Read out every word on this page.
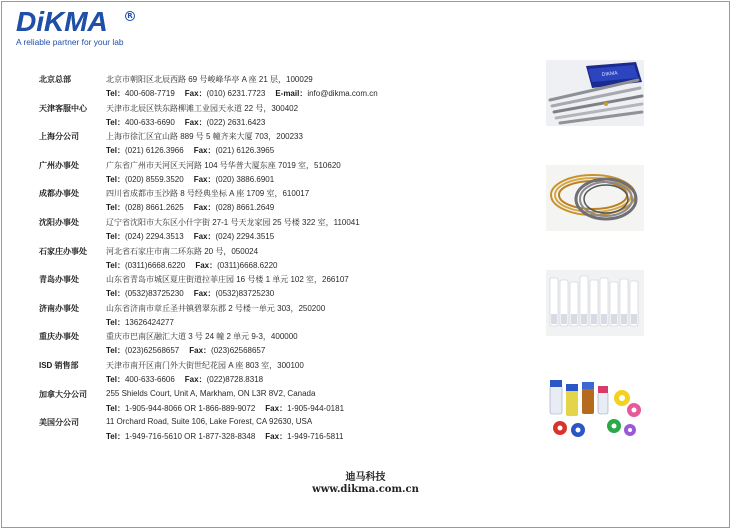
DiKMA	R
A reliable partner for your lab
北京总部	北京市朝阳区北辰西路 69 号峻峰华亭 A 座 21 层，100029
Tel：400-608-7719 Fax：(010) 6231.7723 E-mail：info@dikma.com.cn
天津客服中心 天津市北辰区铁东路柳滩工业园天永道 22 号，300402
Tel：400-633-6690 Fax：(022) 2631.6423
上海分公司	上海市徐汇区宜山路 889 号 5 幢齐来大厦 703，200233
Tel：(021) 6126.3966 Fax：(021) 6126.3965
广州办事处	广东省广州市天河区天河路 104 号华普大厦东座 7019 室，510620
Tel：(020) 8559.3520 Fax：(020) 3886.6901
成都办事处	四川省成都市玉沙路 8 号经典坐标 A 座 1709 室，610017
Tel：(028) 8661.2625 Fax：(028) 8661.2649
沈阳办事处	辽宁省沈阳市大东区小什字街 27-1 号天龙家园 25 号楼 322 室，110041
Tel：(024) 2294.3513 Fax：(024) 2294.3515
石家庄办事处 河北省石家庄市南二环东路 20 号，050024
Tel：(0311)6668.6220 Fax：(0311)6668.6220
青岛办事处	山东省青岛市城区夏庄街道拉菲庄园 16 号楼 1 单元 102 室，266107
Tel：(0532)83725230 Fax：(0532)83725230
济南办事处	山东省济南市章丘圣井镇碧翠东郡 2 号楼一单元 303，250200
Tel：13626424277
重庆办事处	重庆市巴南区融汇大道 3 号 24 幢 2 单元 9-3，400000
Tel：(023)62568657 Fax：(023)62568657
ISD 销售部	天津市南开区南门外大街世纪花园 A 座 803 室，300100
Tel：400-633-6606 Fax：(022)8728.8318
加拿大分公司 255 Shields Court, Unit A, Markham, ON L3R 8V2, Canada
Tel：1-905-944-8066 OR 1-866-889-9072 Fax：1-905-944-0181
美国分公司	11 Orchard Road, Suite 106, Lake Forest, CA 92630, USA
Tel：1-949-716-5610 OR 1-877-328-8348 Fax：1-949-716-5811
DIKMA
迪马科技
www.dikma.com.cn
